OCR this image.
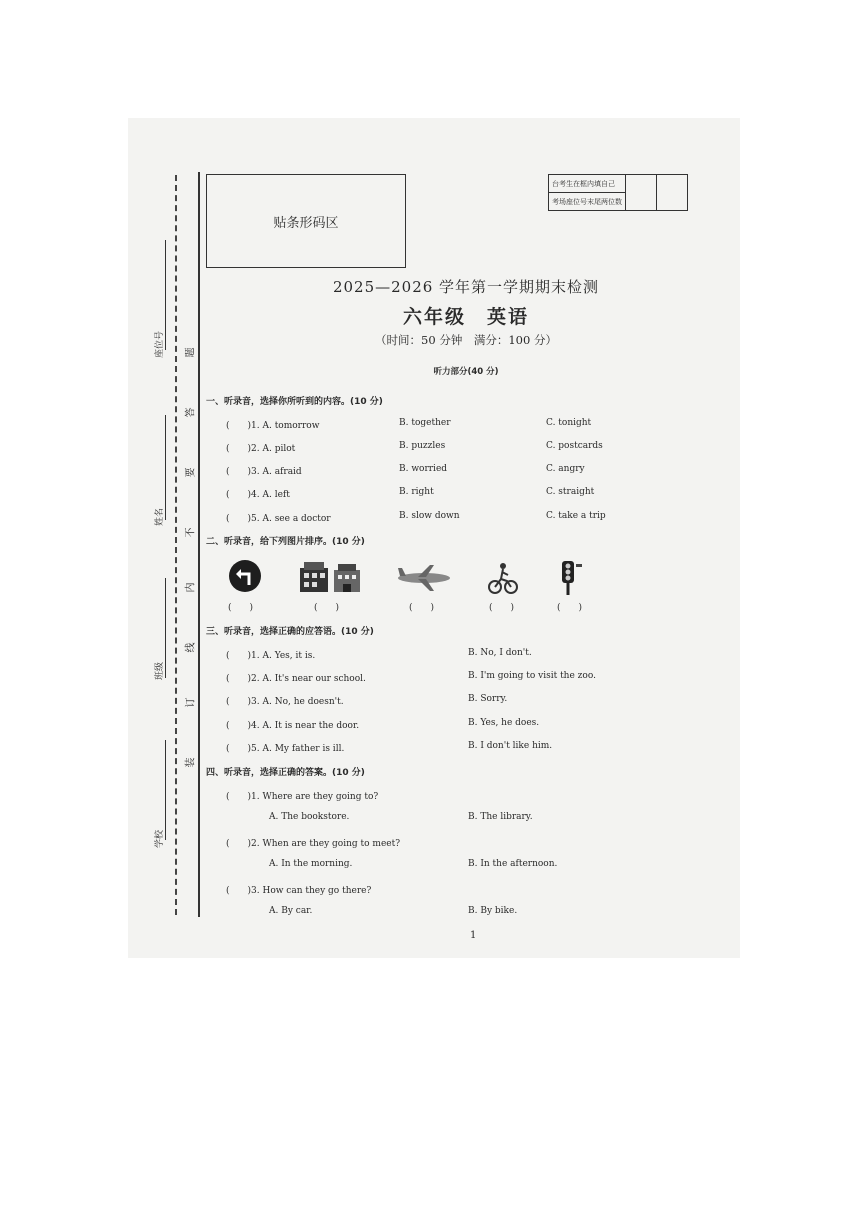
座位号
姓名
班级
学校
题
答
要
不
内
线
订
装
贴条形码区
台考生在框内填自己		
考场座位号末尾两位数
2025—2026 学年第一学期期末检测
六年级　英语
（时间：50 分钟　满分：100 分）
听力部分(40 分)
一、听录音，选择你所听到的内容。(10 分)
(　　)1. A. tomorrow	B. together	C. tonight
(　　)2. A. pilot	B. puzzles	C. postcards
(　　)3. A. afraid	B. worried	C. angry
(　　)4. A. left	B. right	C. straight
(　　)5. A. see a doctor	B. slow down	C. take a trip
二、听录音，给下列图片排序。(10 分)
(　　)	(　　)	(　　)	(　　)	(　　)
三、听录音，选择正确的应答语。(10 分)
(　　)1. A. Yes, it is.	B. No, I don't.
(　　)2. A. It's near our school.	B. I'm going to visit the zoo.
(　　)3. A. No, he doesn't.	B. Sorry.
(　　)4. A. It is near the door.	B. Yes, he does.
(　　)5. A. My father is ill.	B. I don't like him.
四、听录音，选择正确的答案。(10 分)
(　　)1. Where are they going to?
A. The bookstore.	B. The library.
(　　)2. When are they going to meet?
A. In the morning.	B. In the afternoon.
(　　)3. How can they go there?
A. By car.	B. By bike.
1
